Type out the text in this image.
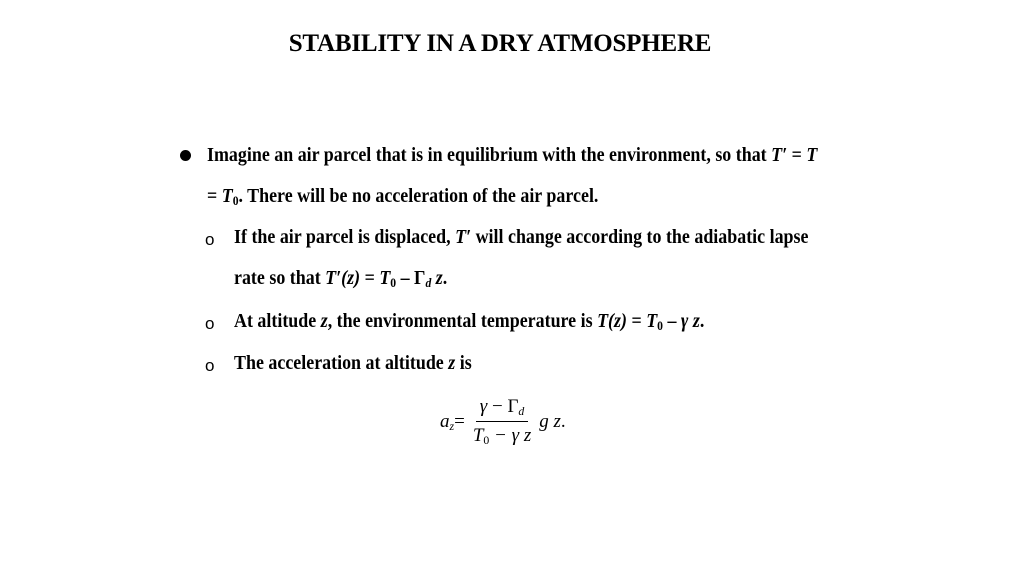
STABILITY IN A DRY ATMOSPHERE
Imagine an air parcel that is in equilibrium with the environment, so that T′ = T
= $T_0$. There will be no acceleration of the air parcel.
o If the air parcel is displaced, T′ will change according to the adiabatic lapse
rate so that $T'(z) = T_0 - \Gamma_d$ z.
o At altitude z, the environmental temperature is $T(z) = T_0 - \gamma$ z.
o The acceleration at altitude z is
$a_z = \frac{\gamma - \Gamma_d}{T_0 - \gamma z}$ g z .
